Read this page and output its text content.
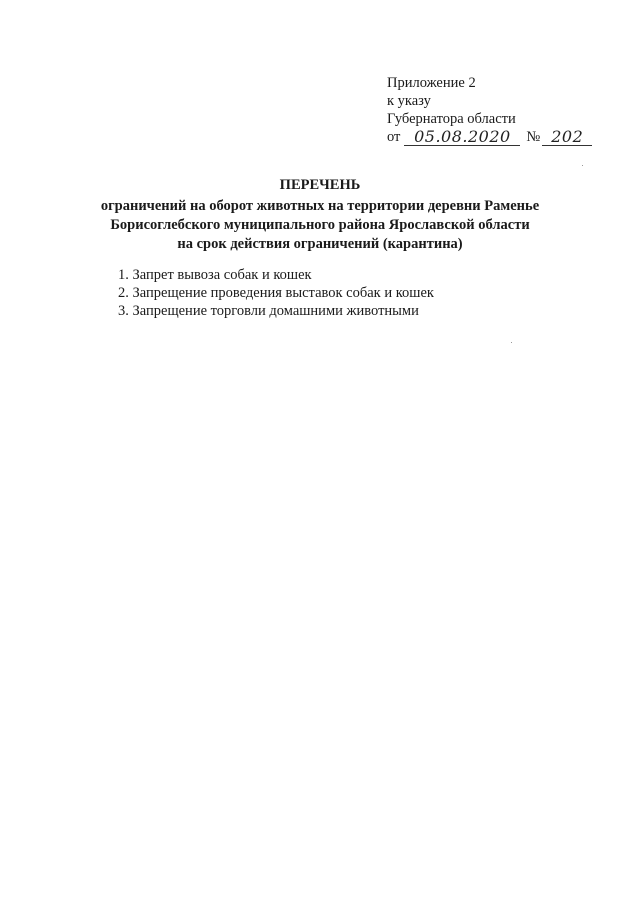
Приложение 2
к указу
Губернатора области
от 05.08.2020	№ 202
ПЕРЕЧЕНЬ
ограничений на оборот животных на территории деревни Раменье
Борисоглебского муниципального района Ярославской области
на срок действия ограничений (карантина)
1. Запрет вывоза собак и кошек
2. Запрещение проведения выставок собак и кошек
3. Запрещение торговли домашними животными
